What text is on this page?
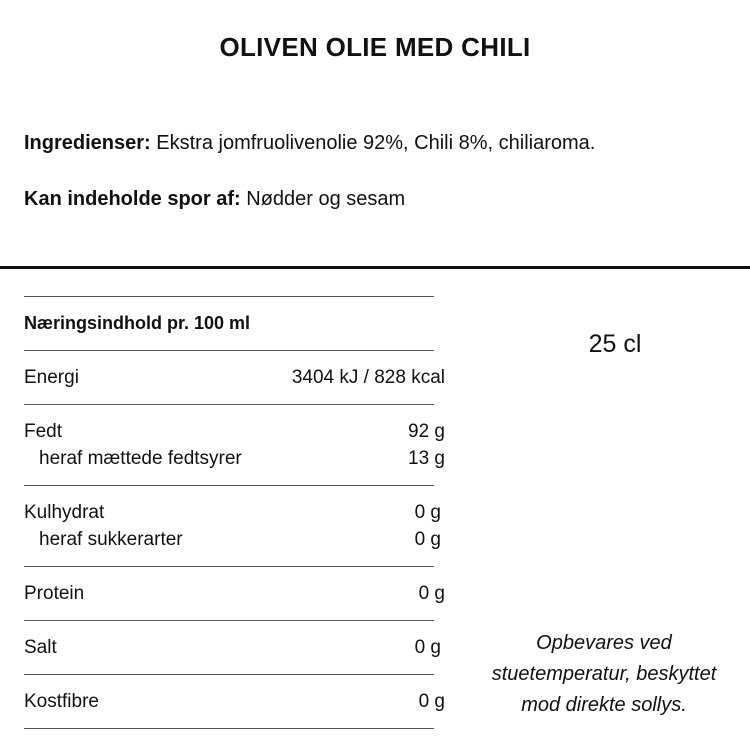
OLIVEN OLIE MED CHILI
Ingredienser: Ekstra jomfruolivenolie 92%, Chili 8%, chiliaroma.
Kan indeholde spor af: Nødder og sesam
Næringsindhold pr. 100 ml
Energi	3404 kJ / 828 kcal
Fedt	92 g
heraf mættede fedtsyrer	13 g
Kulhydrat	0 g
heraf sukkerarter	0 g
Protein	0 g
Salt	0 g
Kostfibre	0 g
25 cl
Opbevares ved
stuetemperatur, beskyttet
mod direkte sollys.
